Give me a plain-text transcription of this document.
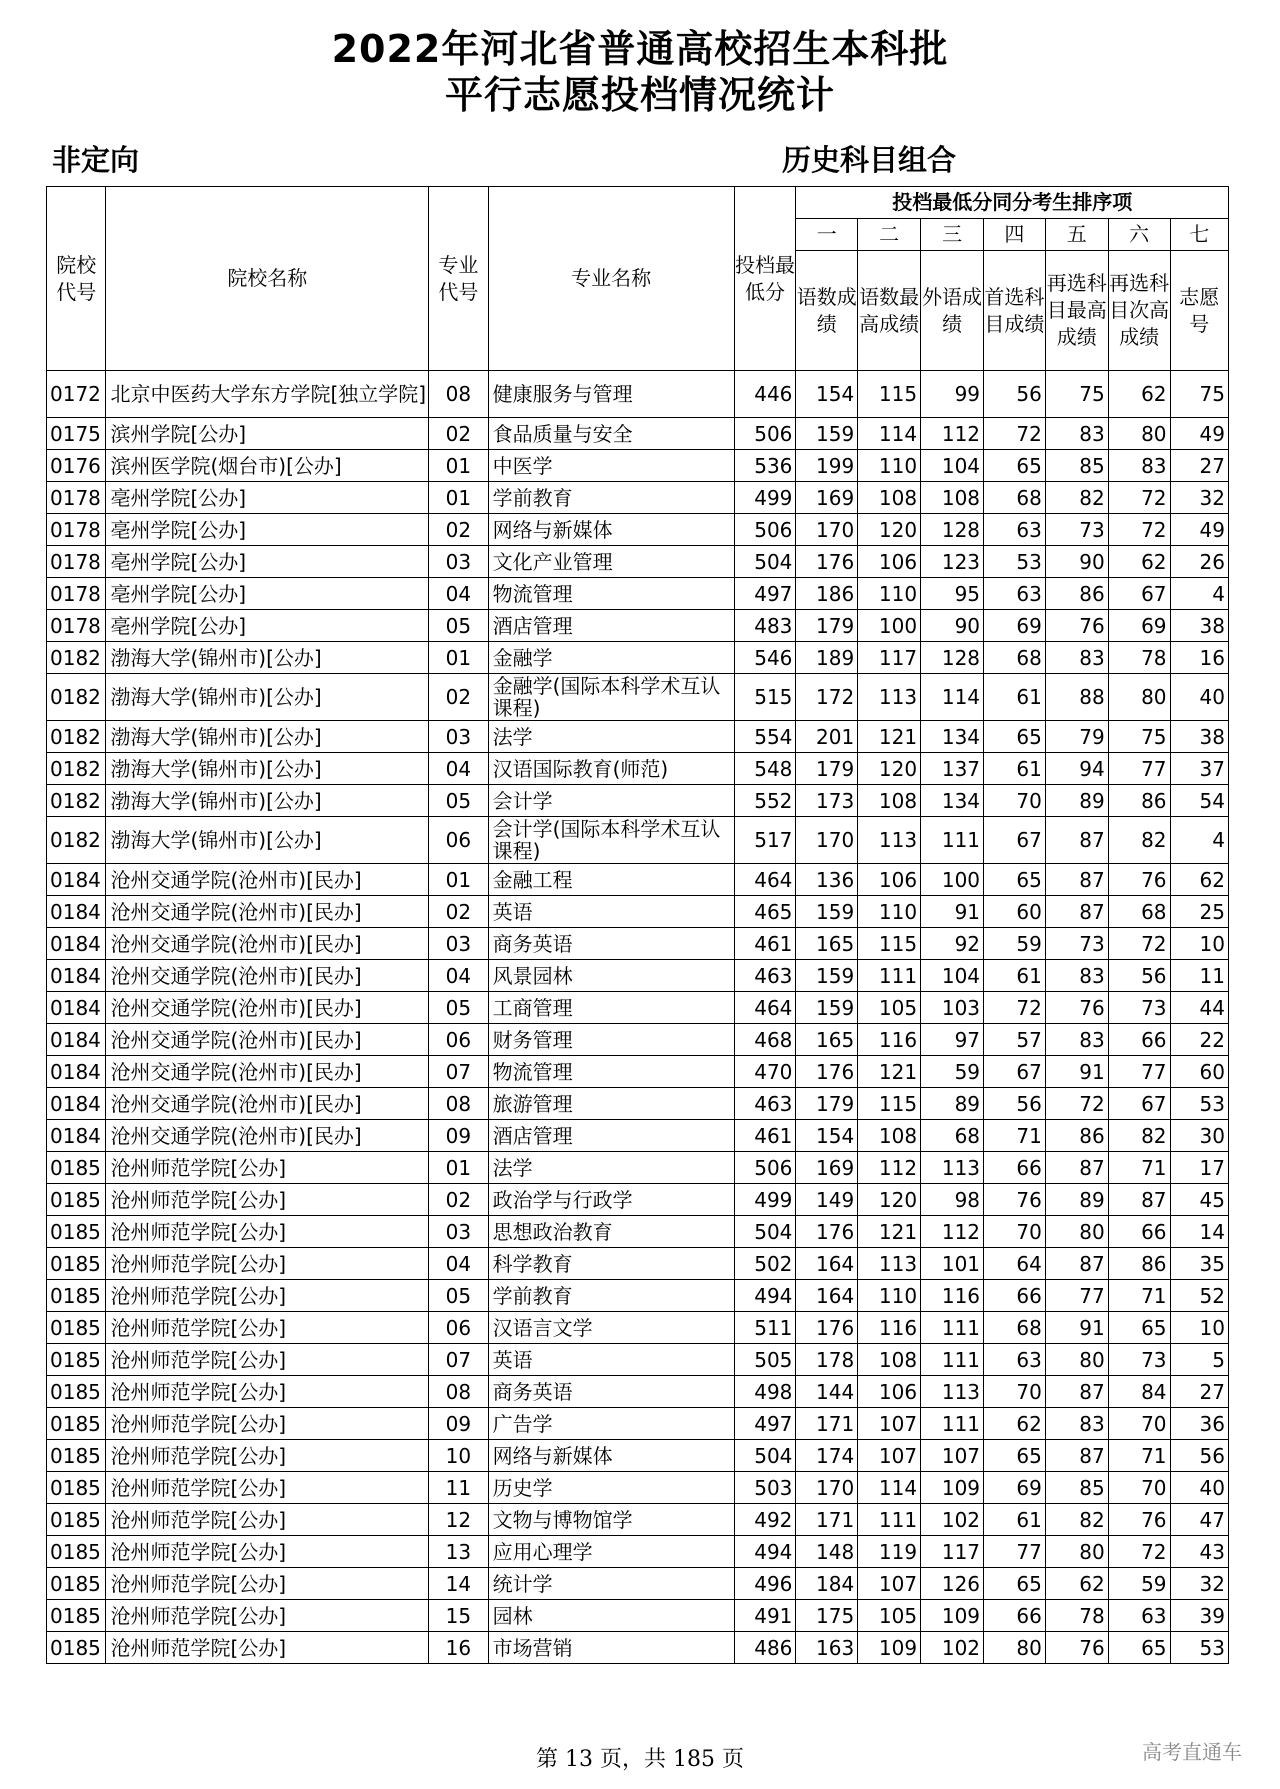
2022年河北省普通高校招生本科批
平行志愿投档情况统计
非定向	历史科目组合
院校代号	院校名称	专业代号	专业名称	投档最低分	投档最低分同分考生排序项						
					一	二	三	四	五	六	七
					语数成绩	语数最高成绩	外语成绩	首选科目成绩	再选科目最高成绩	再选科目次高成绩	志愿号
0172	北京中医药大学东方学院[独立学院]	08	健康服务与管理	446	154	115	99	56	75	62	75
0175	滨州学院[公办]	02	食品质量与安全	506	159	114	112	72	83	80	49
0176	滨州医学院(烟台市)[公办]	01	中医学	536	199	110	104	65	85	83	27
0178	亳州学院[公办]	01	学前教育	499	169	108	108	68	82	72	32
0178	亳州学院[公办]	02	网络与新媒体	506	170	120	128	63	73	72	49
0178	亳州学院[公办]	03	文化产业管理	504	176	106	123	53	90	62	26
0178	亳州学院[公办]	04	物流管理	497	186	110	95	63	86	67	4
0178	亳州学院[公办]	05	酒店管理	483	179	100	90	69	76	69	38
0182	渤海大学(锦州市)[公办]	01	金融学	546	189	117	128	68	83	78	16
0182	渤海大学(锦州市)[公办]	02	金融学(国际本科学术互认课程)	515	172	113	114	61	88	80	40
0182	渤海大学(锦州市)[公办]	03	法学	554	201	121	134	65	79	75	38
0182	渤海大学(锦州市)[公办]	04	汉语国际教育(师范)	548	179	120	137	61	94	77	37
0182	渤海大学(锦州市)[公办]	05	会计学	552	173	108	134	70	89	86	54
0182	渤海大学(锦州市)[公办]	06	会计学(国际本科学术互认课程)	517	170	113	111	67	87	82	4
0184	沧州交通学院(沧州市)[民办]	01	金融工程	464	136	106	100	65	87	76	62
0184	沧州交通学院(沧州市)[民办]	02	英语	465	159	110	91	60	87	68	25
0184	沧州交通学院(沧州市)[民办]	03	商务英语	461	165	115	92	59	73	72	10
0184	沧州交通学院(沧州市)[民办]	04	风景园林	463	159	111	104	61	83	56	11
0184	沧州交通学院(沧州市)[民办]	05	工商管理	464	159	105	103	72	76	73	44
0184	沧州交通学院(沧州市)[民办]	06	财务管理	468	165	116	97	57	83	66	22
0184	沧州交通学院(沧州市)[民办]	07	物流管理	470	176	121	59	67	91	77	60
0184	沧州交通学院(沧州市)[民办]	08	旅游管理	463	179	115	89	56	72	67	53
0184	沧州交通学院(沧州市)[民办]	09	酒店管理	461	154	108	68	71	86	82	30
0185	沧州师范学院[公办]	01	法学	506	169	112	113	66	87	71	17
0185	沧州师范学院[公办]	02	政治学与行政学	499	149	120	98	76	89	87	45
0185	沧州师范学院[公办]	03	思想政治教育	504	176	121	112	70	80	66	14
0185	沧州师范学院[公办]	04	科学教育	502	164	113	101	64	87	86	35
0185	沧州师范学院[公办]	05	学前教育	494	164	110	116	66	77	71	52
0185	沧州师范学院[公办]	06	汉语言文学	511	176	116	111	68	91	65	10
0185	沧州师范学院[公办]	07	英语	505	178	108	111	63	80	73	5
0185	沧州师范学院[公办]	08	商务英语	498	144	106	113	70	87	84	27
0185	沧州师范学院[公办]	09	广告学	497	171	107	111	62	83	70	36
0185	沧州师范学院[公办]	10	网络与新媒体	504	174	107	107	65	87	71	56
0185	沧州师范学院[公办]	11	历史学	503	170	114	109	69	85	70	40
0185	沧州师范学院[公办]	12	文物与博物馆学	492	171	111	102	61	82	76	47
0185	沧州师范学院[公办]	13	应用心理学	494	148	119	117	77	80	72	43
0185	沧州师范学院[公办]	14	统计学	496	184	107	126	65	62	59	32
0185	沧州师范学院[公办]	15	园林	491	175	105	109	66	78	63	39
0185	沧州师范学院[公办]	16	市场营销	486	163	109	102	80	76	65	53
第 13 页，共 185 页	高考直通车
